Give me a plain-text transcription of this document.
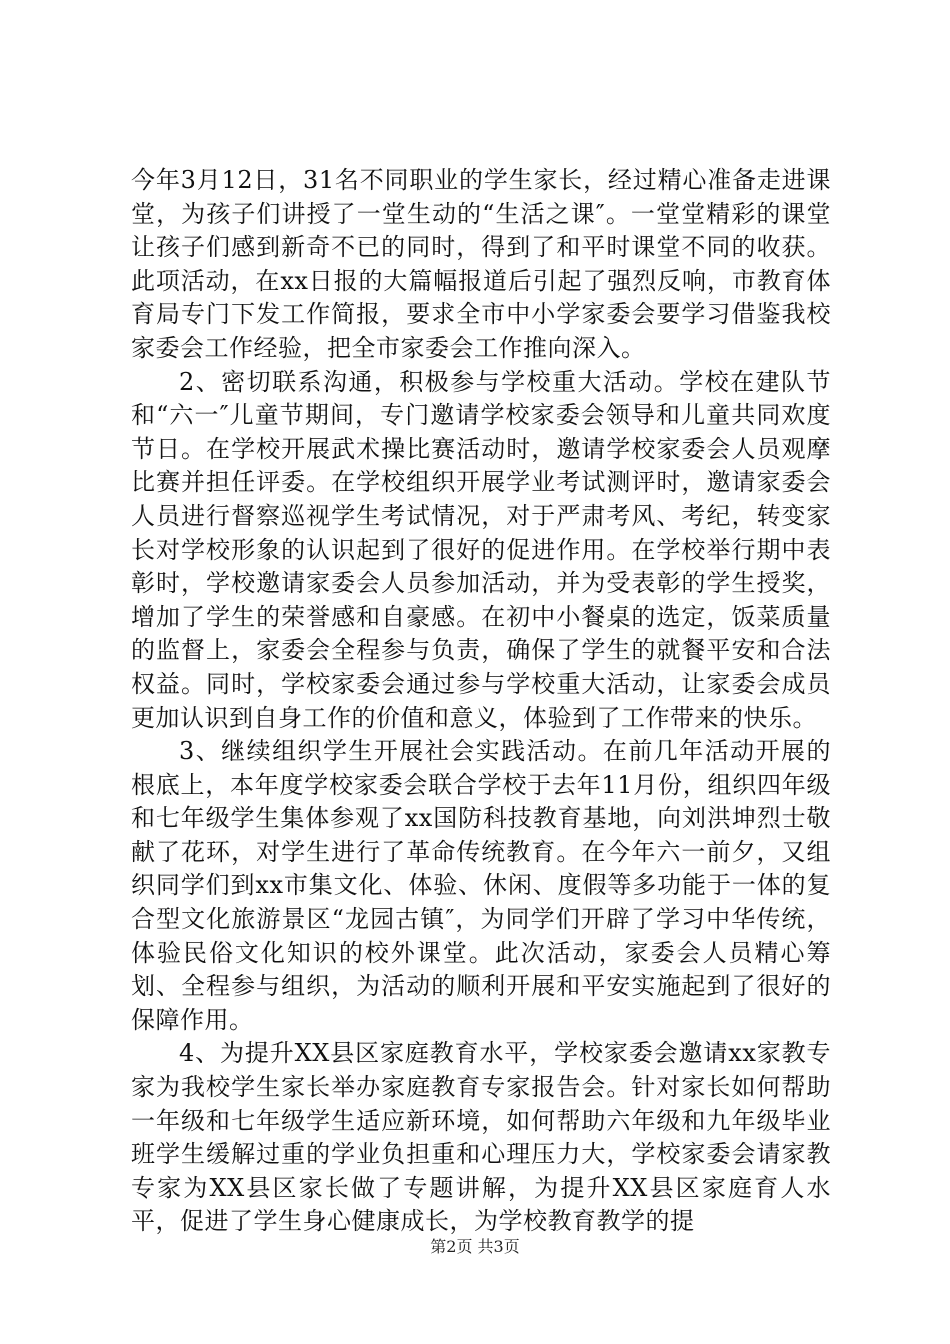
今年3月12日，31名不同职业的学生家长，经过精心准备走进课堂，为孩子们讲授了一堂生动的“生活之课″。一堂堂精彩的课堂让孩子们感到新奇不已的同时，得到了和平时课堂不同的收获。此项活动，在xx日报的大篇幅报道后引起了强烈反响，市教育体育局专门下发工作简报，要求全市中小学家委会要学习借鉴我校家委会工作经验，把全市家委会工作推向深入。

2、密切联系沟通，积极参与学校重大活动。学校在建队节和“六一″儿童节期间，专门邀请学校家委会领导和儿童共同欢度节日。在学校开展武术操比赛活动时，邀请学校家委会人员观摩比赛并担任评委。在学校组织开展学业考试测评时，邀请家委会人员进行督察巡视学生考试情况，对于严肃考风、考纪，转变家长对学校形象的认识起到了很好的促进作用。在学校举行期中表彰时，学校邀请家委会人员参加活动，并为受表彰的学生授奖，增加了学生的荣誉感和自豪感。在初中小餐桌的选定，饭菜质量的监督上，家委会全程参与负责，确保了学生的就餐平安和合法权益。同时，学校家委会通过参与学校重大活动，让家委会成员更加认识到自身工作的价值和意义，体验到了工作带来的快乐。

3、继续组织学生开展社会实践活动。在前几年活动开展的根底上，本年度学校家委会联合学校于去年11月份，组织四年级和七年级学生集体参观了xx国防科技教育基地，向刘洪坤烈士敬献了花环，对学生进行了革命传统教育。在今年六一前夕，又组织同学们到xx市集文化、体验、休闲、度假等多功能于一体的复合型文化旅游景区“龙园古镇″，为同学们开辟了学习中华传统，体验民俗文化知识的校外课堂。此次活动，家委会人员精心筹划、全程参与组织，为活动的顺利开展和平安实施起到了很好的保障作用。

4、为提升XX县区家庭教育水平，学校家委会邀请xx家教专家为我校学生家长举办家庭教育专家报告会。针对家长如何帮助一年级和七年级学生适应新环境，如何帮助六年级和九年级毕业班学生缓解过重的学业负担重和心理压力大，学校家委会请家教专家为XX县区家长做了专题讲解，为提升XX县区家庭育人水平，促进了学生身心健康成长，为学校教育教学的提

第2页 共3页
